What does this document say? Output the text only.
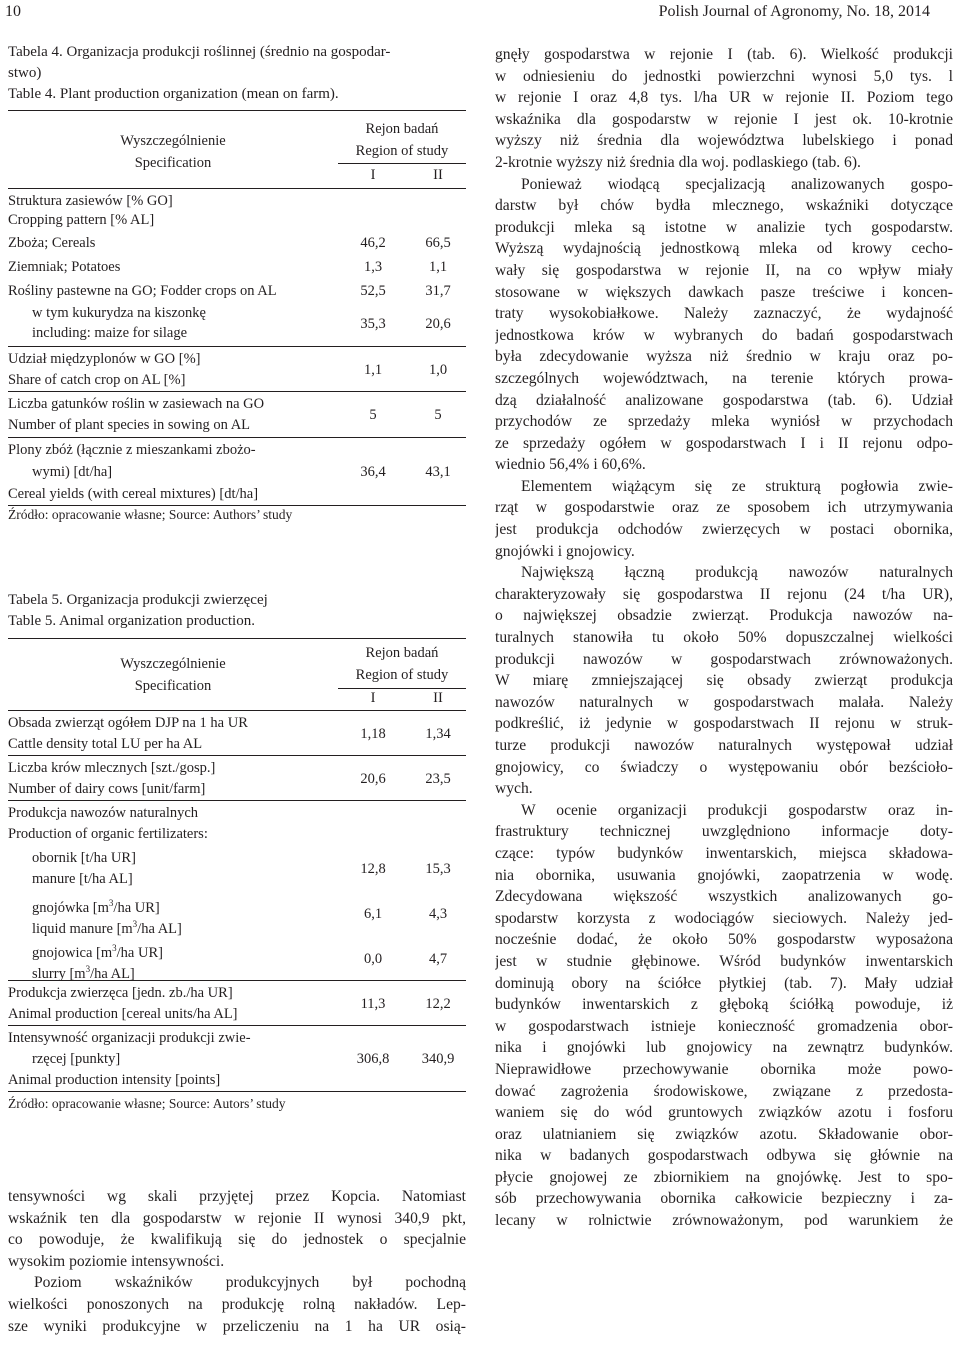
10	Polish Journal of Agronomy, No. 18, 2014
Tabela 4. Organizacja produkcji roślinnej (średnio na gospodar-
stwo)
Table 4. Plant production organization (mean on farm).
Wyszczególnienie
Specification
Rejon badań
Region of study
I	II
Struktura zasiewów [% GO]
Cropping pattern [% AL]
Zboża; Cereals	46,2	66,5
Ziemniak; Potatoes	1,3	1,1
Rośliny pastewne na GO; Fodder crops on AL	52,5	31,7
w tym kukurydza na kiszonkę
including: maize for silage
35,3	20,6
Udział międzyplonów w GO [%]
Share of catch crop on AL [%]
1,1	1,0
Liczba gatunków roślin w zasiewach na GO
Number of plant species in sowing on AL
5	5
Plony zbóż (łącznie z mieszankami zbożo-
wymi) [dt/ha]
Cereal yields (with cereal mixtures) [dt/ha]
36,4	43,1
Źródło: opracowanie własne; Source: Authors’ study
Tabela 5. Organizacja produkcji zwierzęcej
Table 5. Animal organization production.
Wyszczególnienie
Specification
Rejon badań
Region of study
I	II
Obsada zwierząt ogółem DJP na 1 ha UR
Cattle density total LU per ha AL
1,18	1,34
Liczba krów mlecznych [szt./gosp.]
Number of dairy cows [unit/farm]
20,6	23,5
Produkcja nawozów naturalnych
Production of organic fertilizaters:
obornik [t/ha UR]
manure [t/ha AL]
12,8	15,3
gnojówka [$m^3/ha$ UR]
liquid manure [$m^3/ha$ AL]
6,1	4,3
gnojowica [$m^3/ha$ UR]
slurry [$m^3/ha$ AL]
0,0	4,7
Produkcja zwierzęca [jedn. zb./ha UR]
Animal production [cereal units/ha AL]
11,3	12,2
Intensywność organizacji produkcji zwie-
rzęcej [punkty]
Animal production intensity [points]
306,8	340,9
Źródło: opracowanie własne; Source: Autors’ study
tensywności wg skali przyjętej przez Kopcia. Natomiast
wskaźnik ten dla gospodarstw w rejonie II wynosi 340,9 pkt,
co powoduje, że kwalifikują się do jednostek o specjalnie
wysokim poziomie intensywności.
Poziom wskaźników produkcyjnych był pochodną
wielkości ponoszonych na produkcję rolną nakładów. Lep-
sze wyniki produkcyjne w przeliczeniu na 1 ha UR osią-
gnęły gospodarstwa w rejonie I (tab. 6). Wielkość produkcji
w odniesieniu do jednostki powierzchni wynosi 5,0 tys. l
w rejonie I oraz 4,8 tys. l/ha UR w rejonie II. Poziom tego
wskaźnika dla gospodarstw w rejonie I jest ok. 10-krotnie
wyższy niż średnia dla województwa lubelskiego i ponad
2-krotnie wyższy niż średnia dla woj. podlaskiego (tab. 6).
Ponieważ wiodącą specjalizacją analizowanych gospo-
darstw był chów bydła mlecznego, wskaźniki dotyczące
produkcji mleka są istotne w analizie tych gospodarstw.
Wyższą wydajnością jednostkową mleka od krowy cecho-
wały się gospodarstwa w rejonie II, na co wpływ miały
stosowane w większych dawkach pasze treściwe i koncen-
traty wysokobiałkowe. Należy zaznaczyć, że wydajność
jednostkowa krów w wybranych do badań gospodarstwach
była zdecydowanie wyższa niż średnio w kraju oraz po-
szczególnych województwach, na terenie których prowa-
dzą działalność analizowane gospodarstwa (tab. 6). Udział
przychodów ze sprzedaży mleka wyniósł w przychodach
ze sprzedaży ogółem w gospodarstwach I i II rejonu odpo-
wiednio 56,4% i 60,6%.
Elementem wiążącym się ze strukturą pogłowia zwie-
rząt w gospodarstwie oraz ze sposobem ich utrzymywania
jest produkcja odchodów zwierzęcych w postaci obornika,
gnojówki i gnojowicy.
Największą łączną produkcją nawozów naturalnych
charakteryzowały się gospodarstwa II rejonu (24 t/ha UR),
o największej obsadzie zwierząt. Produkcja nawozów na-
turalnych stanowiła tu około 50% dopuszczalnej wielkości
produkcji nawozów w gospodarstwach zrównoważonych.
W miarę zmniejszającej się obsady zwierząt produkcja
nawozów naturalnych w gospodarstwach malała. Należy
podkreślić, iż jedynie w gospodarstwach II rejonu w struk-
turze produkcji nawozów naturalnych występował udział
gnojowicy, co świadczy o występowaniu obór bezścioło-
wych.
W ocenie organizacji produkcji gospodarstw oraz in-
frastruktury technicznej uwzględniono informacje doty-
czące: typów budynków inwentarskich, miejsca składowa-
nia obornika, usuwania gnojówki, zaopatrzenia w wodę.
Zdecydowana większość wszystkich analizowanych go-
spodarstw korzysta z wodociągów sieciowych. Należy jed-
nocześnie dodać, że około 50% gospodarstw wyposażona
jest w studnie głębinowe. Wśród budynków inwentarskich
dominują obory na ściółce płytkiej (tab. 7). Mały udział
budynków inwentarskich z głęboką ściółką powoduje, iż
w gospodarstwach istnieje konieczność gromadzenia obor-
nika i gnojówki lub gnojowicy na zewnątrz budynków.
Nieprawidłowe przechowywanie obornika może powo-
dować zagrożenia środowiskowe, związane z przedosta-
waniem się do wód gruntowych związków azotu i fosforu
oraz ulatnianiem się związków azotu. Składowanie obor-
nika w badanych gospodarstwach odbywa się głównie na
płycie gnojowej ze zbiornikiem na gnojówkę. Jest to spo-
sób przechowywania obornika całkowicie bezpieczny i za-
lecany w rolnictwie zrównoważonym, pod warunkiem że
